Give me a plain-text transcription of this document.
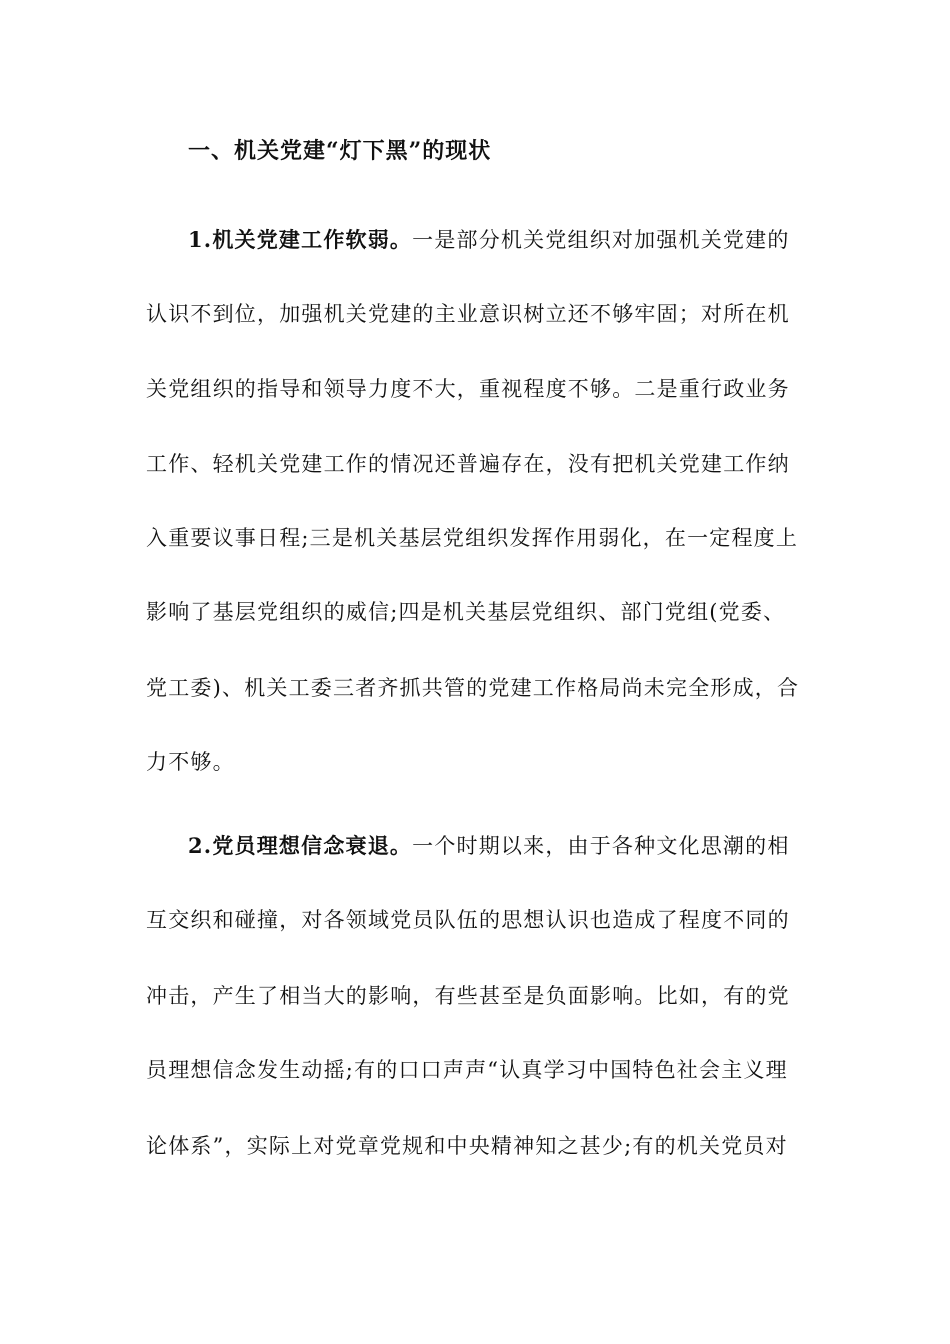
一、机关党建“灯下黑”的现状
1.机关党建工作软弱。一是部分机关党组织对加强机关党建的
认识不到位，加强机关党建的主业意识树立还不够牢固；对所在机
关党组织的指导和领导力度不大，重视程度不够。二是重行政业务
工作、轻机关党建工作的情况还普遍存在，没有把机关党建工作纳
入重要议事日程;三是机关基层党组织发挥作用弱化，在一定程度上
影响了基层党组织的威信;四是机关基层党组织、部门党组(党委、
党工委)、机关工委三者齐抓共管的党建工作格局尚未完全形成，合
力不够。
2.党员理想信念衰退。一个时期以来，由于各种文化思潮的相
互交织和碰撞，对各领域党员队伍的思想认识也造成了程度不同的
冲击，产生了相当大的影响，有些甚至是负面影响。比如，有的党
员理想信念发生动摇;有的口口声声“认真学习中国特色社会主义理
论体系”，实际上对党章党规和中央精神知之甚少;有的机关党员对
